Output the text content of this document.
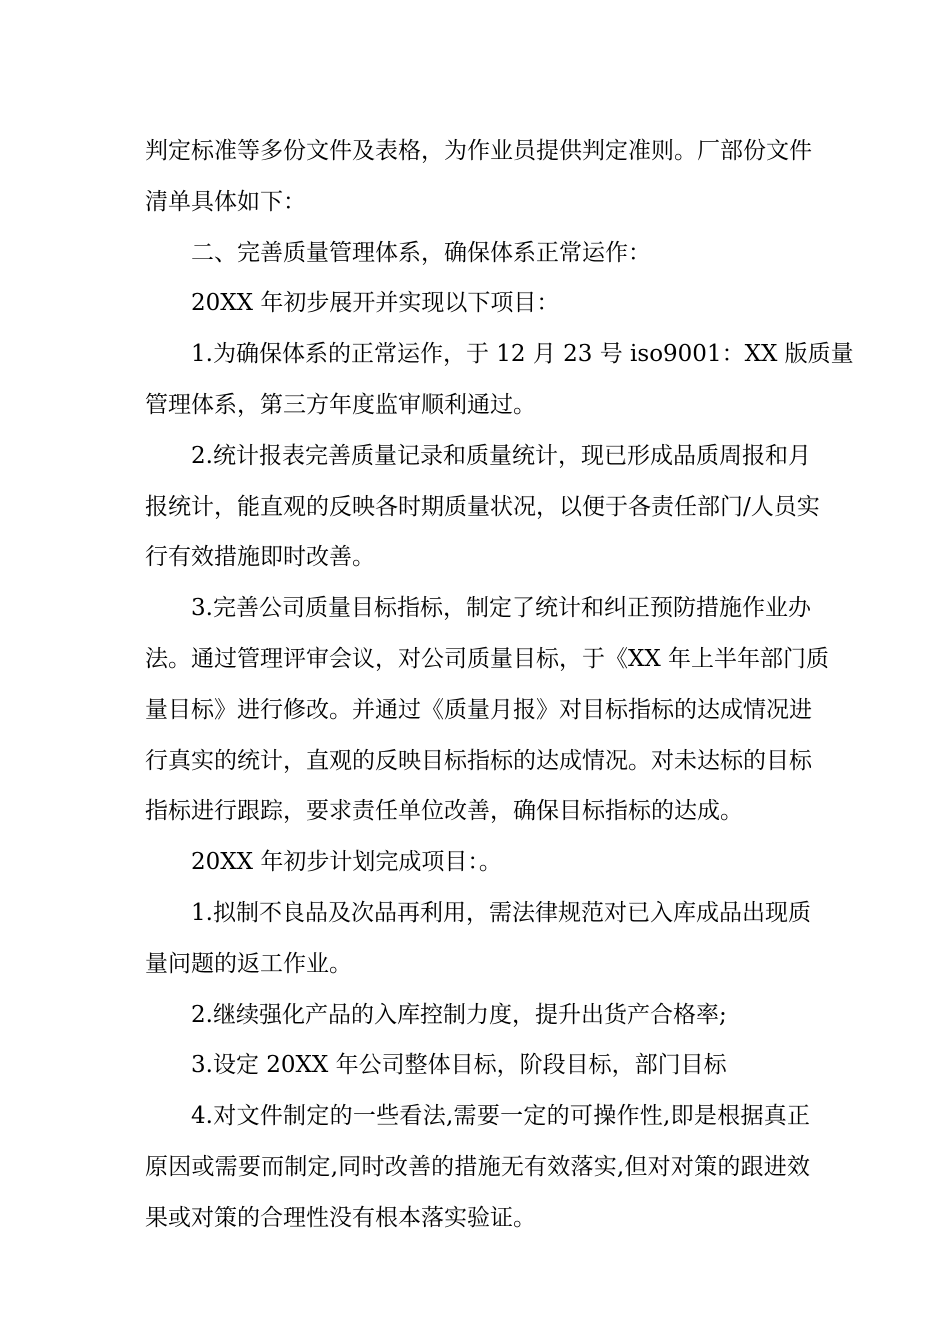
判定标准等多份文件及表格，为作业员提供判定准则。厂部份文件
清单具体如下：
二、完善质量管理体系，确保体系正常运作：
20XX 年初步展开并实现以下项目：
1.为确保体系的正常运作，于 12 月 23 号 iso9001：XX 版质量
管理体系，第三方年度监审顺利通过。
2.统计报表完善质量记录和质量统计，现已形成品质周报和月
报统计，能直观的反映各时期质量状况，以便于各责任部门/人员实
行有效措施即时改善。
3.完善公司质量目标指标，制定了统计和纠正预防措施作业办
法。通过管理评审会议，对公司质量目标，于《XX 年上半年部门质
量目标》进行修改。并通过《质量月报》对目标指标的达成情况进
行真实的统计，直观的反映目标指标的达成情况。对未达标的目标
指标进行跟踪，要求责任单位改善，确保目标指标的达成。
20XX 年初步计划完成项目：。
1.拟制不良品及次品再利用，需法律规范对已入库成品出现质
量问题的返工作业。
2.继续强化产品的入库控制力度，提升出货产合格率;
3.设定 20XX 年公司整体目标，阶段目标，部门目标
4.对文件制定的一些看法,需要一定的可操作性,即是根据真正
原因或需要而制定,同时改善的措施无有效落实,但对对策的跟进效
果或对策的合理性没有根本落实验证。
